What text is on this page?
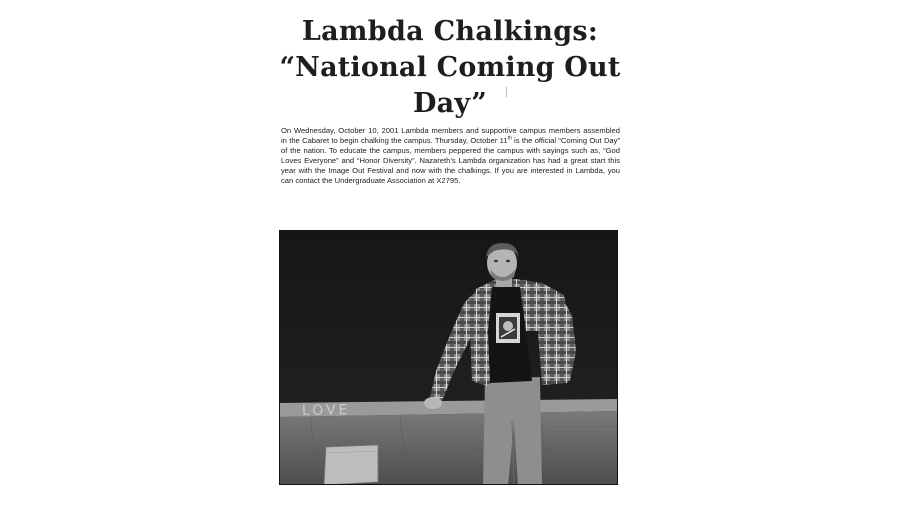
Lambda Chalkings:
“National Coming Out Day”

On Wednesday, October 10, 2001 Lambda members and supportive campus members assembled in the Cabaret to begin chalking the campus. Thursday, October 11th is the official “Coming Out Day” of the nation. To educate the campus, members peppered the campus with sayings such as, “God Loves Everyone” and “Honor Diversity”. Nazareth’s Lambda organization has had a great start this year with the Image Out Festival and now with the chalkings. If you are interested in Lambda, you can contact the Undergraduate Association at X2795.

LOVE
